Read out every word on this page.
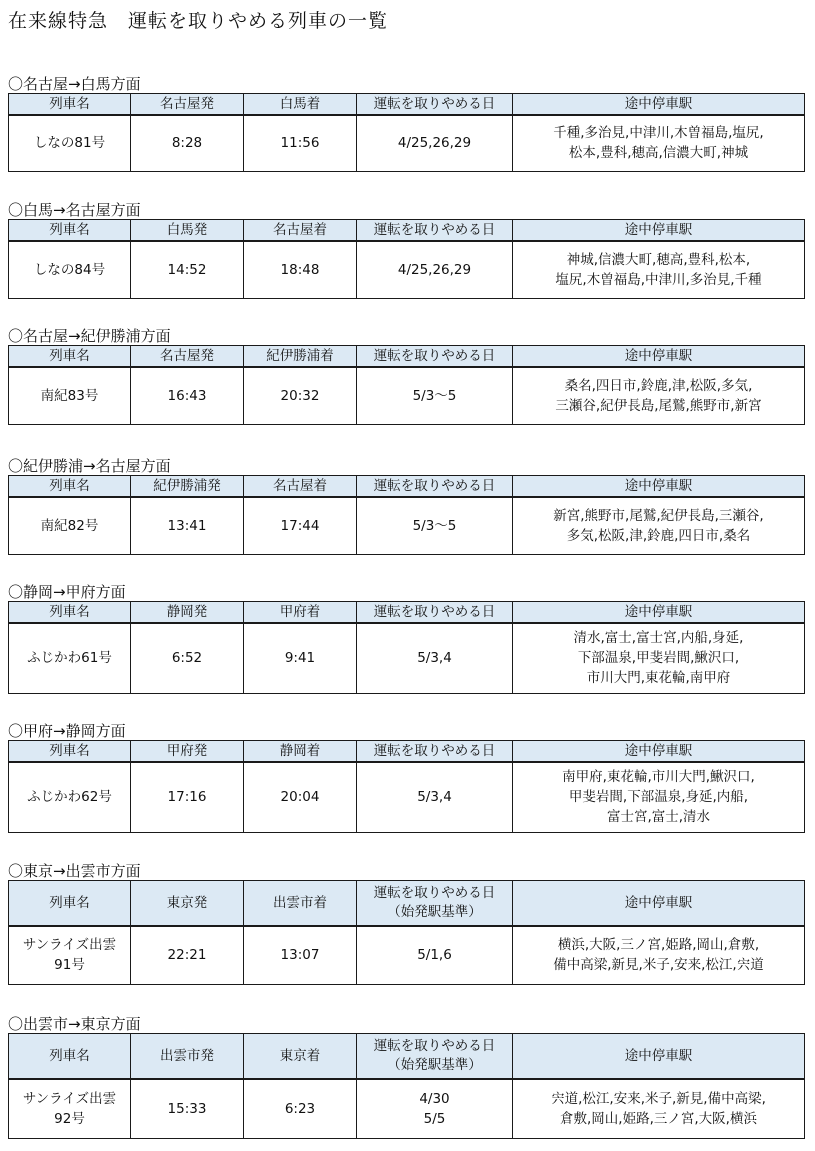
在来線特急　運転を取りやめる列車の一覧
〇名古屋→白馬方面
列車名	名古屋発	白馬着	運転を取りやめる日	途中停車駅

しなの81号	8:28	11:56	4/25,26,29	千種,多治見,中津川,木曽福島,塩尻,
松本,豊科,穂高,信濃大町,神城
〇白馬→名古屋方面
列車名	白馬発	名古屋着	運転を取りやめる日	途中停車駅

しなの84号	14:52	18:48	4/25,26,29	神城,信濃大町,穂高,豊科,松本,
塩尻,木曽福島,中津川,多治見,千種
〇名古屋→紀伊勝浦方面
列車名	名古屋発	紀伊勝浦着	運転を取りやめる日	途中停車駅

南紀83号	16:43	20:32	5/3〜5	桑名,四日市,鈴鹿,津,松阪,多気,
三瀬谷,紀伊長島,尾鷲,熊野市,新宮
〇紀伊勝浦→名古屋方面
列車名	紀伊勝浦発	名古屋着	運転を取りやめる日	途中停車駅

南紀82号	13:41	17:44	5/3〜5	新宮,熊野市,尾鷲,紀伊長島,三瀬谷,
多気,松阪,津,鈴鹿,四日市,桑名
〇静岡→甲府方面
列車名	静岡発	甲府着	運転を取りやめる日	途中停車駅

ふじかわ61号	6:52	9:41	5/3,4	清水,富士,富士宮,内船,身延,
下部温泉,甲斐岩間,鰍沢口,
市川大門,東花輪,南甲府
〇甲府→静岡方面
列車名	甲府発	静岡着	運転を取りやめる日	途中停車駅

ふじかわ62号	17:16	20:04	5/3,4	南甲府,東花輪,市川大門,鰍沢口,
甲斐岩間,下部温泉,身延,内船,
富士宮,富士,清水
〇東京→出雲市方面
列車名	東京発	出雲市着	運転を取りやめる日
（始発駅基準）	途中停車駅

サンライズ出雲
91号	22:21	13:07	5/1,6	横浜,大阪,三ノ宮,姫路,岡山,倉敷,
備中高梁,新見,米子,安来,松江,宍道
〇出雲市→東京方面
列車名	出雲市発	東京着	運転を取りやめる日
（始発駅基準）	途中停車駅

サンライズ出雲
92号	15:33	6:23	4/30
5/5	宍道,松江,安来,米子,新見,備中高梁,
倉敷,岡山,姫路,三ノ宮,大阪,横浜
